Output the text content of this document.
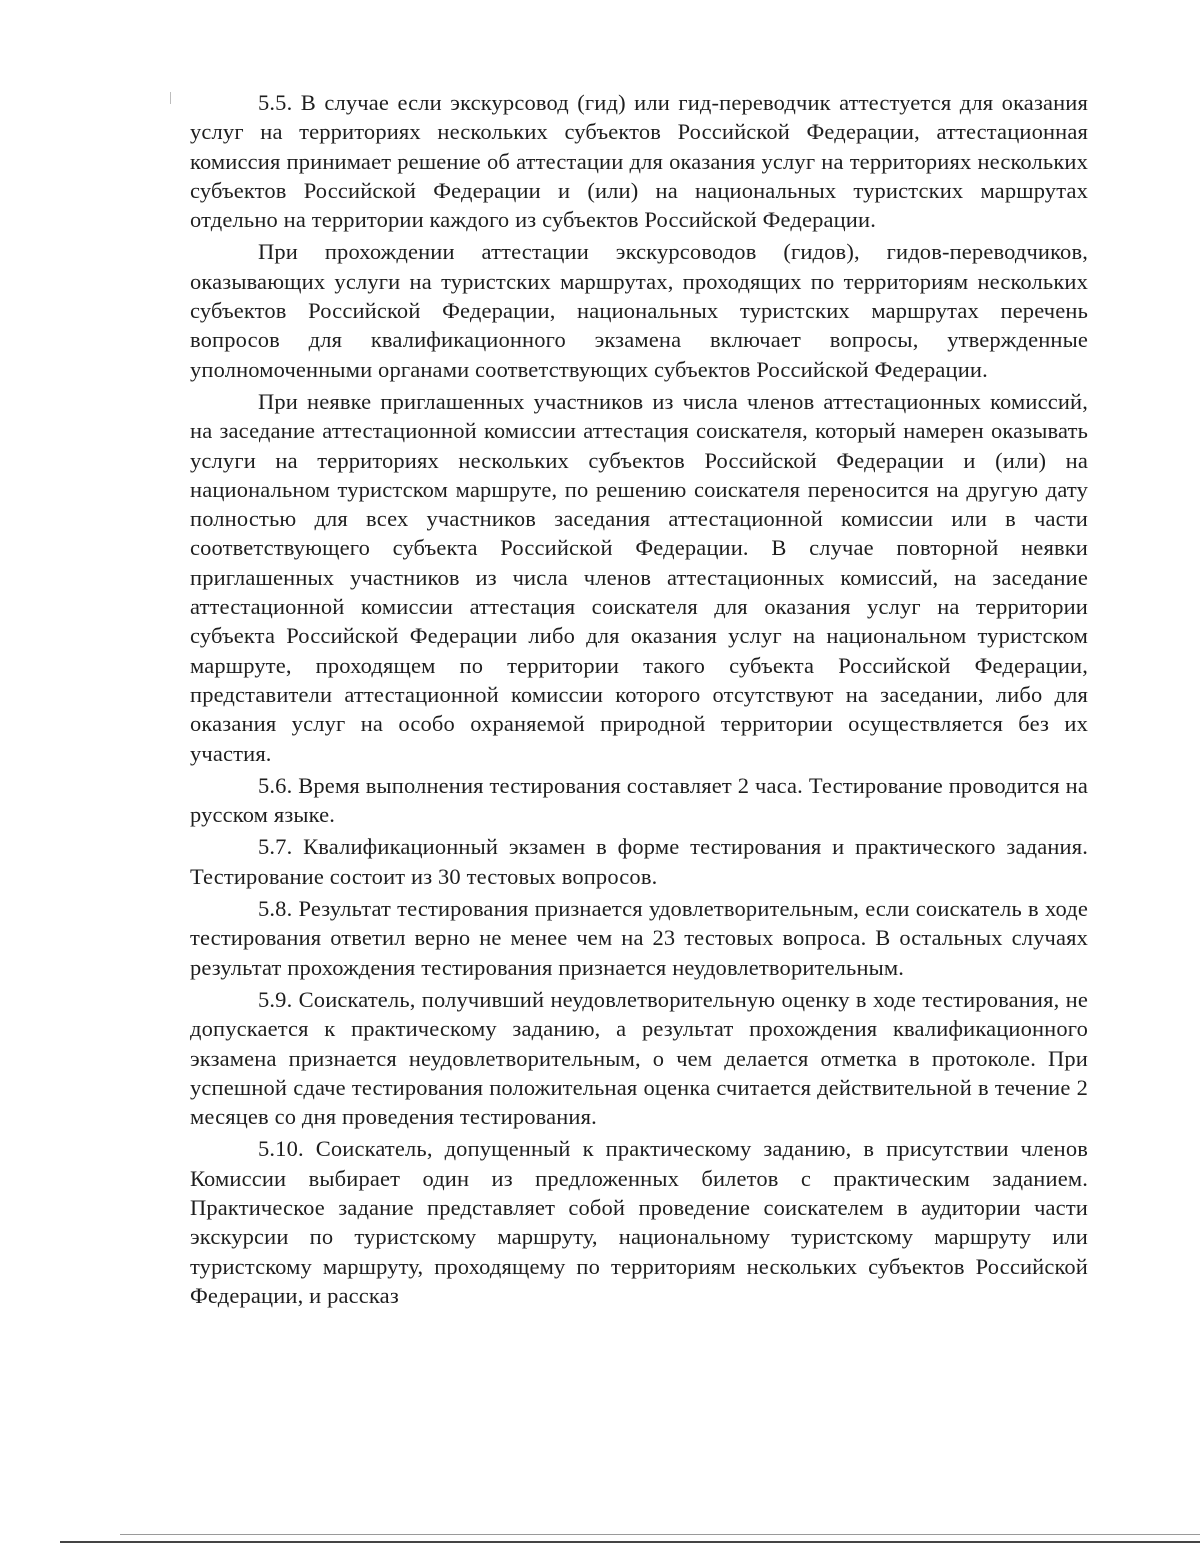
5.5. В случае если экскурсовод (гид) или гид-переводчик аттестуется для оказания услуг на территориях нескольких субъектов Российской Федерации, аттестационная комиссия принимает решение об аттестации для оказания услуг на территориях нескольких субъектов Российской Федерации и (или) на национальных туристских маршрутах отдельно на территории каждого из субъектов Российской Федерации.

При прохождении аттестации экскурсоводов (гидов), гидов-переводчиков, оказывающих услуги на туристских маршрутах, проходящих по территориям нескольких субъектов Российской Федерации, национальных туристских маршрутах перечень вопросов для квалификационного экзамена включает вопросы, утвержденные уполномоченными органами соответствующих субъектов Российской Федерации.

При неявке приглашенных участников из числа членов аттестационных комиссий, на заседание аттестационной комиссии аттестация соискателя, который намерен оказывать услуги на территориях нескольких субъектов Российской Федерации и (или) на национальном туристском маршруте, по решению соискателя переносится на другую дату полностью для всех участников заседания аттестационной комиссии или в части соответствующего субъекта Российской Федерации. В случае повторной неявки приглашенных участников из числа членов аттестационных комиссий, на заседание аттестационной комиссии аттестация соискателя для оказания услуг на территории субъекта Российской Федерации либо для оказания услуг на национальном туристском маршруте, проходящем по территории такого субъекта Российской Федерации, представители аттестационной комиссии которого отсутствуют на заседании, либо для оказания услуг на особо охраняемой природной территории осуществляется без их участия.

5.6. Время выполнения тестирования составляет 2 часа. Тестирование проводится на русском языке.

5.7. Квалификационный экзамен в форме тестирования и практического задания. Тестирование состоит из 30 тестовых вопросов.

5.8. Результат тестирования признается удовлетворительным, если соискатель в ходе тестирования ответил верно не менее чем на 23 тестовых вопроса. В остальных случаях результат прохождения тестирования признается неудовлетворительным.

5.9. Соискатель, получивший неудовлетворительную оценку в ходе тестирования, не допускается к практическому заданию, а результат прохождения квалификационного экзамена признается неудовлетворительным, о чем делается отметка в протоколе. При успешной сдаче тестирования положительная оценка считается действительной в течение 2 месяцев со дня проведения тестирования.

5.10. Соискатель, допущенный к практическому заданию, в присутствии членов Комиссии выбирает один из предложенных билетов с практическим заданием. Практическое задание представляет собой проведение соискателем в аудитории части экскурсии по туристскому маршруту, национальному туристскому маршруту или туристскому маршруту, проходящему по территориям нескольких субъектов Российской Федерации, и рассказ
